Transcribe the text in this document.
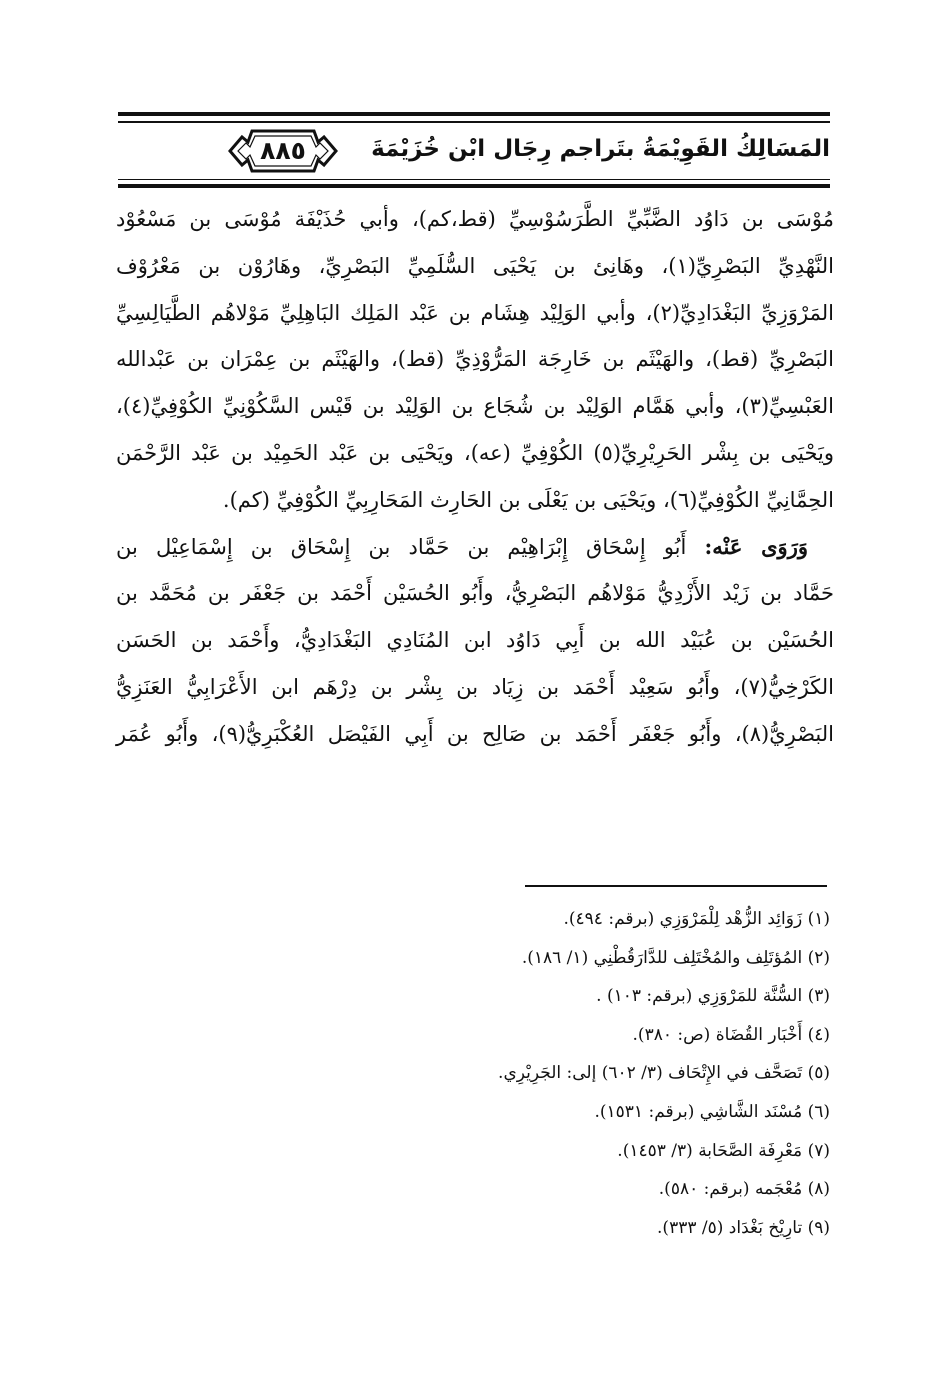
المَسَالِكُ القَوِيْمَةُ بتَراجم رِجَال ابْن خُزَيْمَةَ
٨٨٥
مُوْسَى بن دَاوُد الضَّبِّيِّ الطَّرَسُوْسِيِّ (قط،كم)، وأبي حُذَيْفَة مُوْسَى بن مَسْعُوْد
النَّهْدِيِّ البَصْرِيِّ(١)، وهَانِئ بن يَحْيَى السُّلَمِيِّ البَصْرِيِّ، وهَارُوْن بن مَعْرُوْف
المَرْوَزِيِّ البَغْدَادِيِّ(٢)، وأبي الوَلِيْد هِشَام بن عَبْد المَلِك البَاهِلِيِّ مَوْلاهُم الطَّيَالِسِيِّ
البَصْرِيِّ (قط)، والهَيْثَم بن خَارِجَة المَرُّوْذِيِّ (قط)، والهَيْثَم بن عِمْرَان بن عَبْدالله
العَبْسِيِّ(٣)، وأبي هَمَّام الوَلِيْد بن شُجَاع بن الوَلِيْد بن قَيْس السَّكُوْنِيِّ الكُوْفِيِّ(٤)،
ويَحْيَى بن بِشْر الحَرِيْرِيِّ(٥) الكُوْفِيِّ (عه)، ويَحْيَى بن عَبْد الحَمِيْد بن عَبْد الرَّحْمَن
الحِمَّانِيِّ الكُوْفِيِّ(٦)، ويَحْيَى بن يَعْلَى بن الحَارِث المَحَارِبِيِّ الكُوْفِيِّ (كم).
وَرَوَى عَنْه: أَبُو إِسْحَاق إِبْرَاهِيْم بن حَمَّاد بن إِسْحَاق بن إِسْمَاعِيْل بن
حَمَّاد بن زَيْد الأَزْدِيُّ مَوْلاهُم البَصْرِيُّ، وأَبُو الحُسَيْن أَحْمَد بن جَعْفَر بن مُحَمَّد بن
الحُسَيْن بن عُبَيْد الله بن أَبِي دَاوُد ابن المُنَادِي البَغْدَادِيُّ، وأَحْمَد بن الحَسَن
الكَرْخِيُّ(٧)، وأَبُو سَعِيْد أَحْمَد بن زِيَاد بن بِشْر بن دِرْهَم ابن الأَعْرَابِيُّ العَنَزِيُّ
البَصْرِيُّ(٨)، وأَبُو جَعْفَر أَحْمَد بن صَالِح بن أَبِي الفَيْصَل العُكْبَرِيُّ(٩)، وأَبُو عُمَر
(١) زَوَائِد الزُّهْد لِلْمَرْوَزِي (برقم: ٤٩٤).
(٢) المُؤتَلِف والمُخْتَلِف للدَّارَقُطْنِي (١/ ١٨٦).
(٣) السُّنَّة للمَرْوَزِي (برقم: ١٠٣) .
(٤) أَخْبَار القُضَاة (ص: ٣٨٠).
(٥) تَصَحَّف في الإِتْحَاف (٣/ ٦٠٢) إلى: الجَرِيْرِي.
(٦) مُسْنَد الشَّاشِي (برقم: ١٥٣١).
(٧) مَعْرِفَة الصَّحَابة (٣/ ١٤٥٣).
(٨) مُعْجَمه (برقم: ٥٨٠).
(٩) تارِيْخ بَغْدَاد (٥/ ٣٣٣).
